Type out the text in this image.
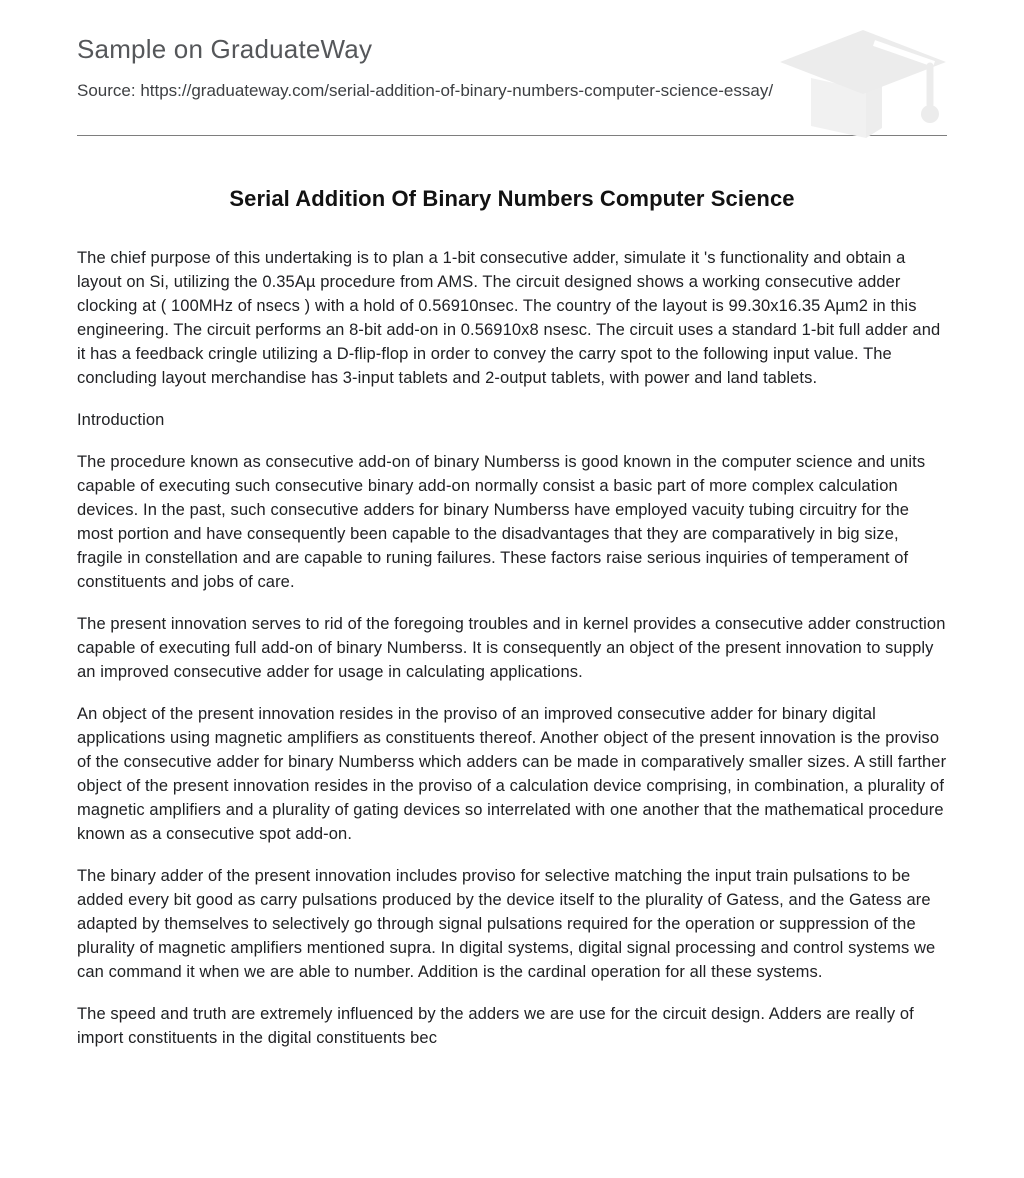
Sample on GraduateWay
Source: https://graduateway.com/serial-addition-of-binary-numbers-computer-science-essay/
Serial Addition Of Binary Numbers Computer Science

The chief purpose of this undertaking is to plan a 1-bit consecutive adder, simulate it 's functionality and obtain a layout on Si, utilizing the 0.35Aµ procedure from AMS. The circuit designed shows a working consecutive adder clocking at ( 100MHz of nsecs ) with a hold of 0.56910nsec. The country of the layout is 99.30x16.35 Aµm2 in this engineering. The circuit performs an 8-bit add-on in 0.56910x8 nsesc. The circuit uses a standard 1-bit full adder and it has a feedback cringle utilizing a D-flip-flop in order to convey the carry spot to the following input value. The concluding layout merchandise has 3-input tablets and 2-output tablets, with power and land tablets.

Introduction

The procedure known as consecutive add-on of binary Numberss is good known in the computer science and units capable of executing such consecutive binary add-on normally consist a basic part of more complex calculation devices. In the past, such consecutive adders for binary Numberss have employed vacuity tubing circuitry for the most portion and have consequently been capable to the disadvantages that they are comparatively in big size, fragile in constellation and are capable to runing failures. These factors raise serious inquiries of temperament of constituents and jobs of care.

The present innovation serves to rid of the foregoing troubles and in kernel provides a consecutive adder construction capable of executing full add-on of binary Numberss. It is consequently an object of the present innovation to supply an improved consecutive adder for usage in calculating applications.

An object of the present innovation resides in the proviso of an improved consecutive adder for binary digital applications using magnetic amplifiers as constituents thereof. Another object of the present innovation is the proviso of the consecutive adder for binary Numberss which adders can be made in comparatively smaller sizes. A still farther object of the present innovation resides in the proviso of a calculation device comprising, in combination, a plurality of magnetic amplifiers and a plurality of gating devices so interrelated with one another that the mathematical procedure known as a consecutive spot add-on.

The binary adder of the present innovation includes proviso for selective matching the input train pulsations to be added every bit good as carry pulsations produced by the device itself to the plurality of Gatess, and the Gatess are adapted by themselves to selectively go through signal pulsations required for the operation or suppression of the plurality of magnetic amplifiers mentioned supra. In digital systems, digital signal processing and control systems we can command it when we are able to number. Addition is the cardinal operation for all these systems.

The speed and truth are extremely influenced by the adders we are use for the circuit design. Adders are really of import constituents in the digital constituents bec
